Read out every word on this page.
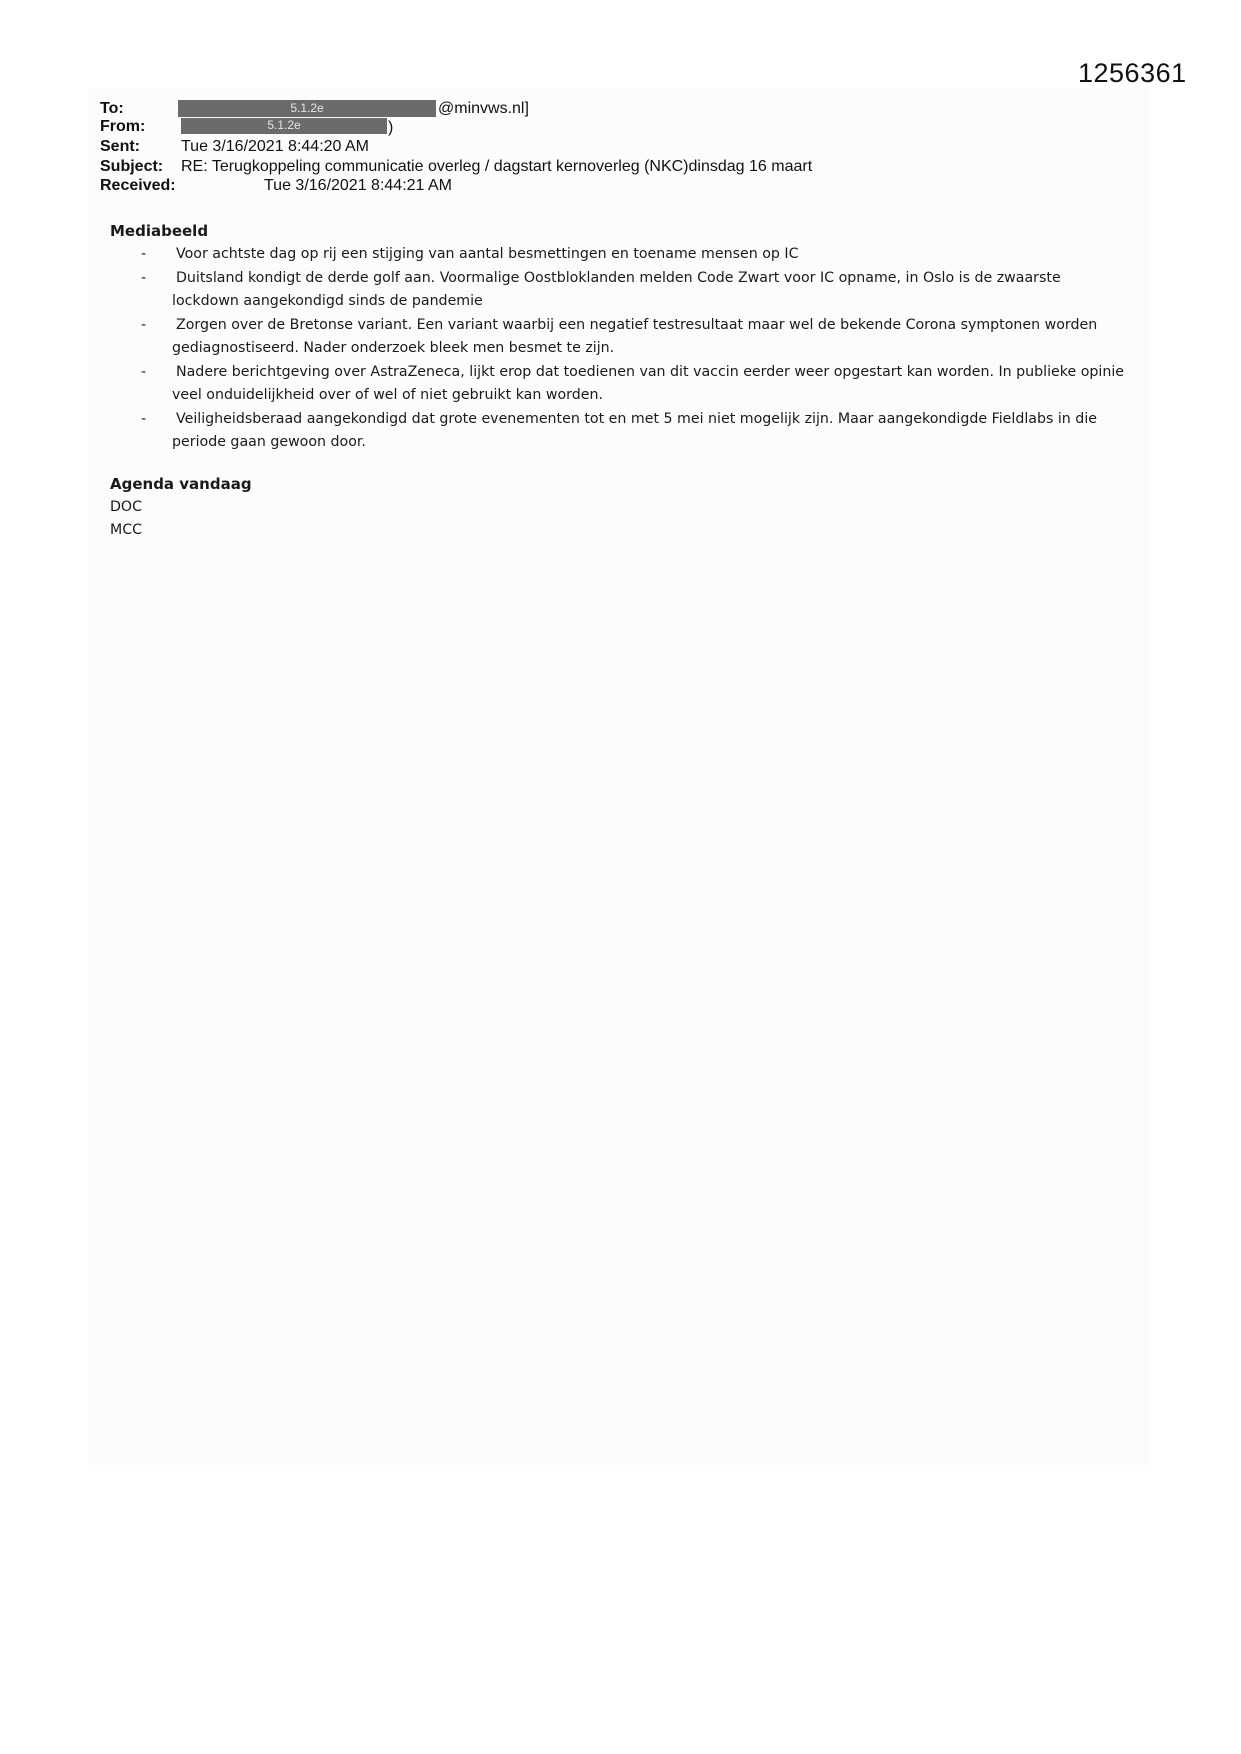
1256361
To:	5.1.2e	@minvws.nl]
From:	5.1.2e	)
Sent:	Tue 3/16/2021 8:44:20 AM
Subject: RE: Terugkoppeling communicatie overleg / dagstart kernoverleg (NKC)dinsdag 16 maart
Received:	Tue 3/16/2021 8:44:21 AM

Mediabeeld

- Voor achtste dag op rij een stijging van aantal besmettingen en toename mensen op IC
- Duitsland kondigt de derde golf aan. Voormalige Oostbloklanden melden Code Zwart voor IC opname, in Oslo is de zwaarste lockdown aangekondigd sinds de pandemie
- Zorgen over de Bretonse variant. Een variant waarbij een negatief testresultaat maar wel de bekende Corona symptonen worden gediagnostiseerd. Nader onderzoek bleek men besmet te zijn.
- Nadere berichtgeving over AstraZeneca, lijkt erop dat toedienen van dit vaccin eerder weer opgestart kan worden. In publieke opinie veel onduidelijkheid over of wel of niet gebruikt kan worden.
- Veiligheidsberaad aangekondigd dat grote evenementen tot en met 5 mei niet mogelijk zijn. Maar aangekondigde Fieldlabs in die periode gaan gewoon door.

Agenda vandaag

DOC

MCC
